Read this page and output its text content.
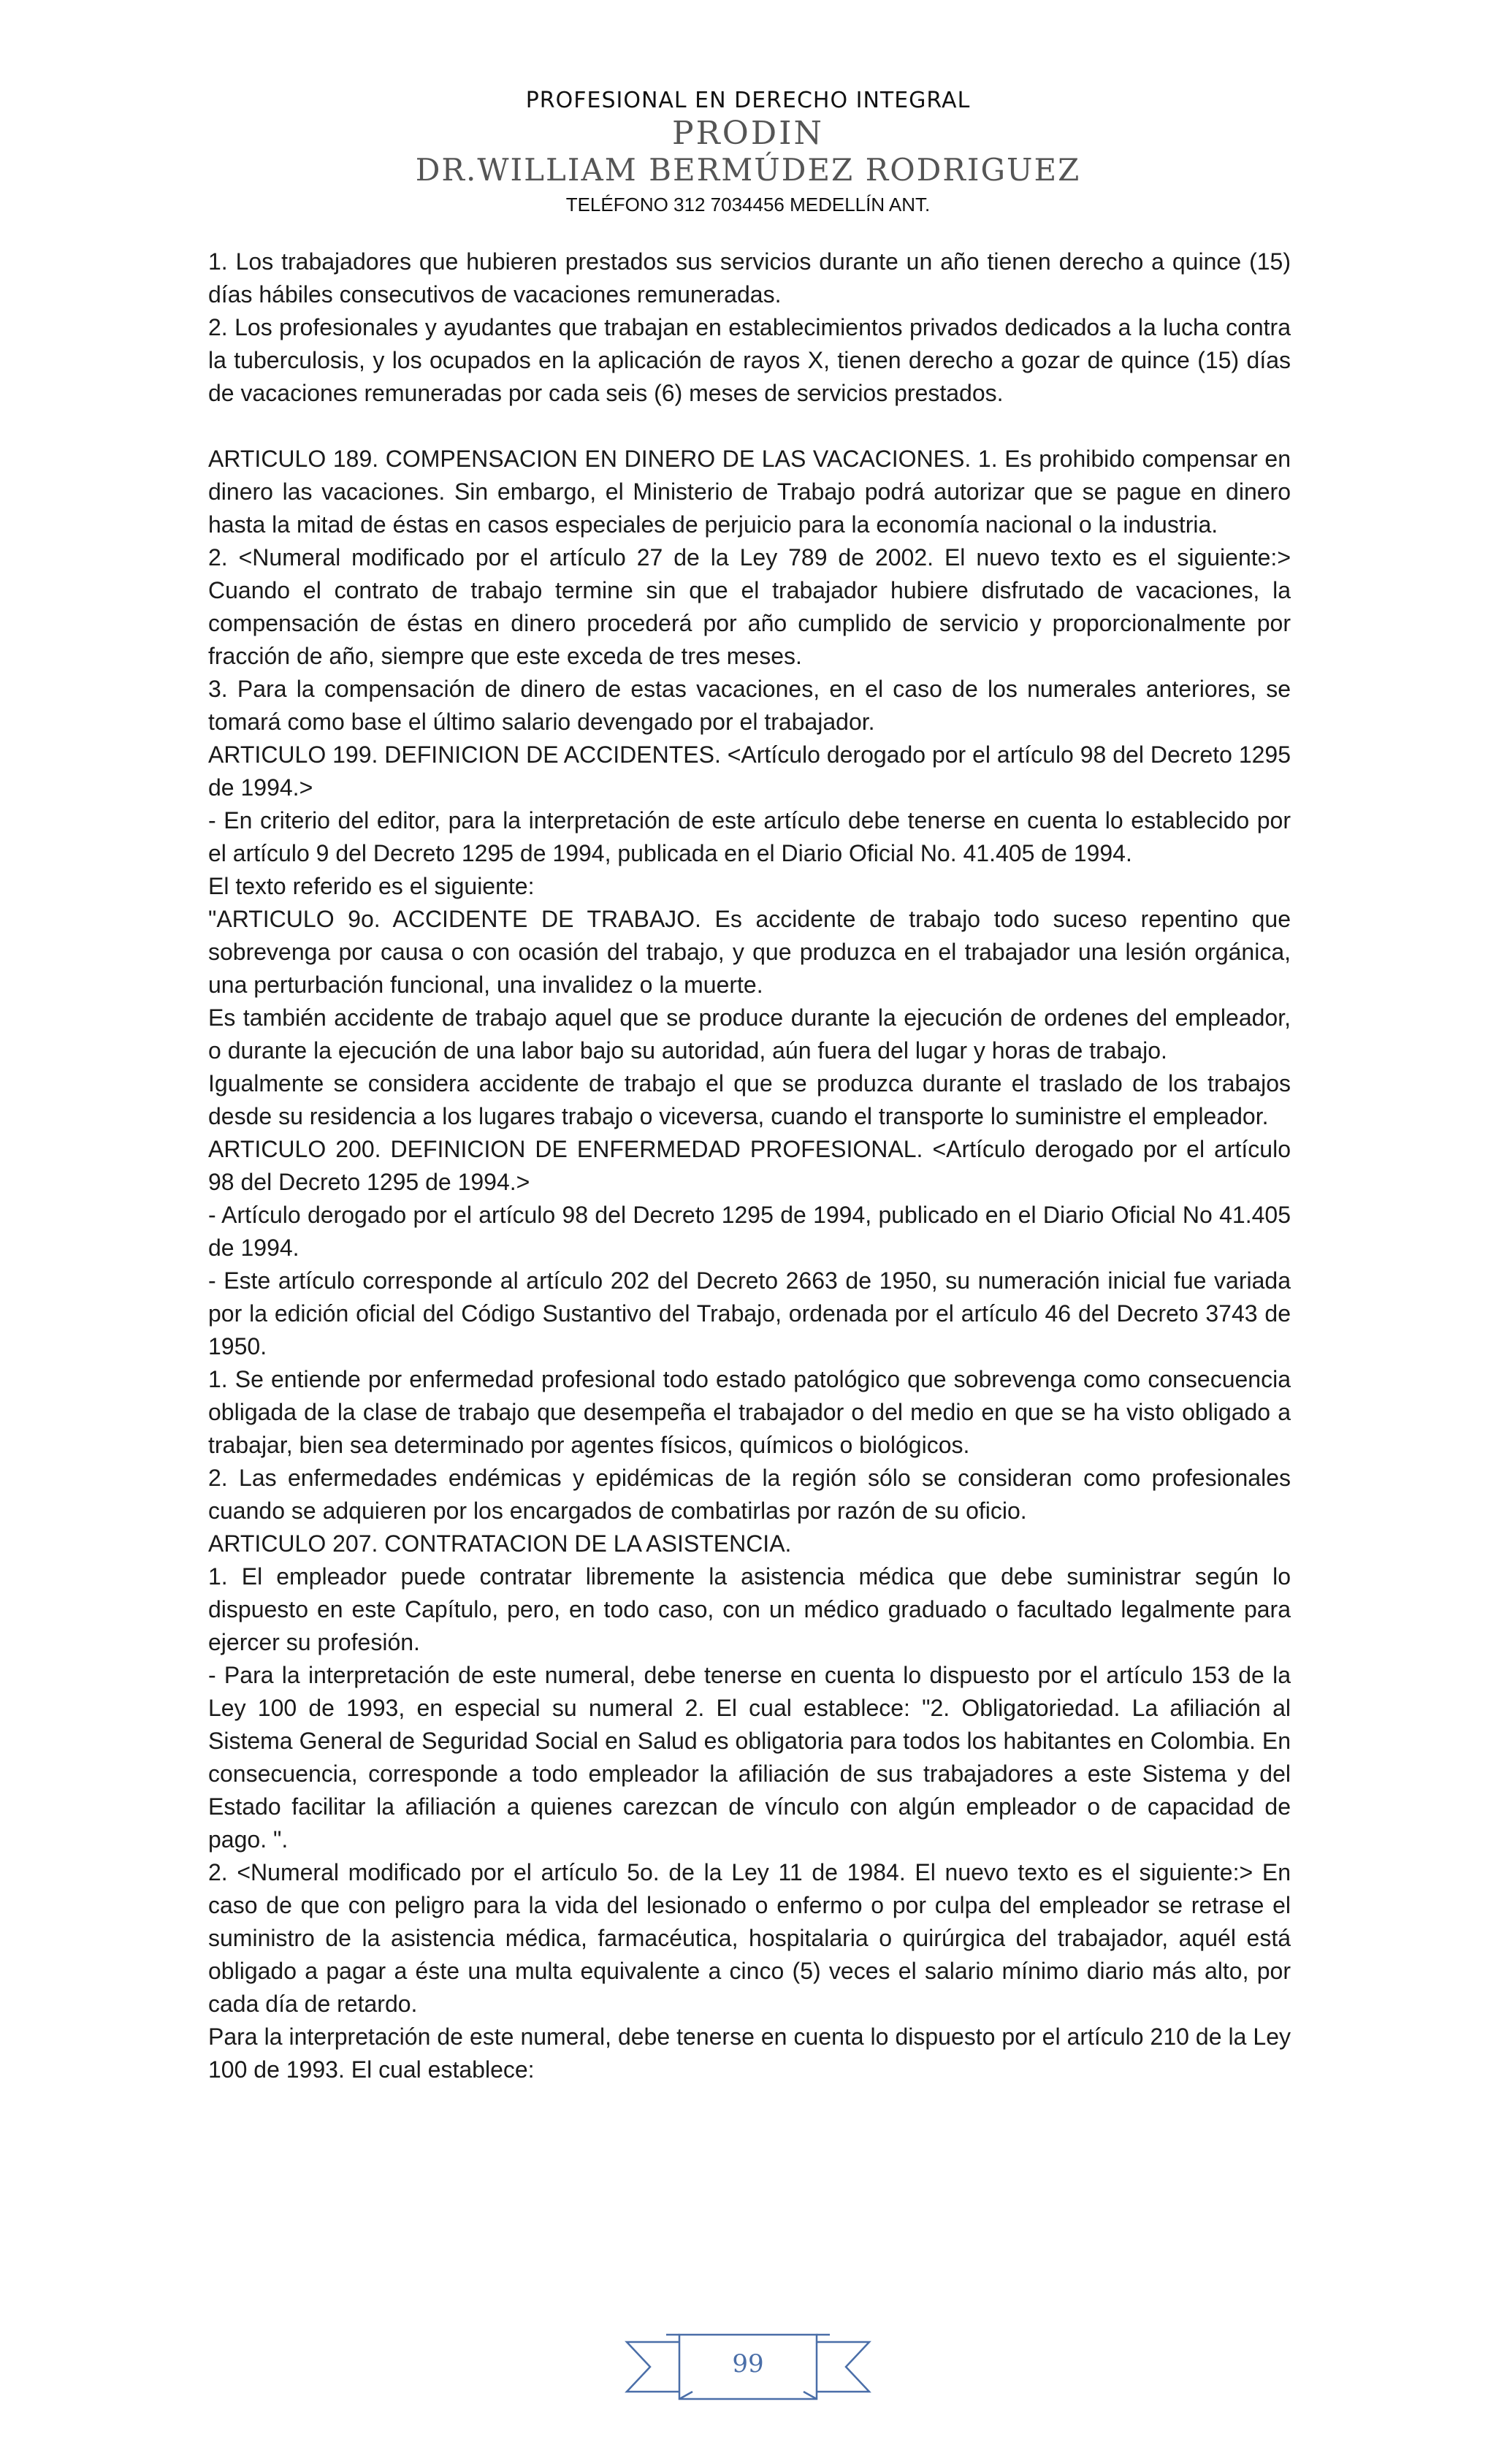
PROFESIONAL EN DERECHO INTEGRAL
PRODIN
DR.WILLIAM BERMÚDEZ RODRIGUEZ
TELÉFONO 312 7034456 MEDELLÍN ANT.

1. Los trabajadores que hubieren prestados sus servicios durante un año tienen derecho a quince (15) días hábiles consecutivos de vacaciones remuneradas.

2. Los profesionales y ayudantes que trabajan en establecimientos privados dedicados a la lucha contra la tuberculosis, y los ocupados en la aplicación de rayos X, tienen derecho a gozar de quince (15) días de vacaciones remuneradas por cada seis (6) meses de servicios prestados.

ARTICULO 189. COMPENSACION EN DINERO DE LAS VACACIONES. 1. Es prohibido compensar en dinero las vacaciones. Sin embargo, el Ministerio de Trabajo podrá autorizar que se pague en dinero hasta la mitad de éstas en casos especiales de perjuicio para la economía nacional o la industria.

2. <Numeral modificado por el artículo 27 de la Ley 789 de 2002. El nuevo texto es el siguiente:> Cuando el contrato de trabajo termine sin que el trabajador hubiere disfrutado de vacaciones, la compensación de éstas en dinero procederá por año cumplido de servicio y proporcionalmente por fracción de año, siempre que este exceda de tres meses.

3. Para la compensación de dinero de estas vacaciones, en el caso de los numerales anteriores, se tomará como base el último salario devengado por el trabajador.

ARTICULO 199. DEFINICION DE ACCIDENTES. <Artículo derogado por el artículo 98 del Decreto 1295 de 1994.>

- En criterio del editor, para la interpretación de este artículo debe tenerse en cuenta lo establecido por el artículo 9 del Decreto 1295 de 1994, publicada en el Diario Oficial No. 41.405 de 1994.

El texto referido es el siguiente:

"ARTICULO 9o. ACCIDENTE DE TRABAJO. Es accidente de trabajo todo suceso repentino que sobrevenga por causa o con ocasión del trabajo, y que produzca en el trabajador una lesión orgánica, una perturbación funcional, una invalidez o la muerte.

Es también accidente de trabajo aquel que se produce durante la ejecución de ordenes del empleador, o durante la ejecución de una labor bajo su autoridad, aún fuera del lugar y horas de trabajo.

Igualmente se considera accidente de trabajo el que se produzca durante el traslado de los trabajos desde su residencia a los lugares trabajo o viceversa, cuando el transporte lo suministre el empleador.

ARTICULO 200. DEFINICION DE ENFERMEDAD PROFESIONAL. <Artículo derogado por el artículo 98 del Decreto 1295 de 1994.>

- Artículo derogado por el artículo 98 del Decreto 1295 de 1994, publicado en el Diario Oficial No 41.405 de 1994.

- Este artículo corresponde al artículo 202 del Decreto 2663 de 1950, su numeración inicial fue variada por la edición oficial del Código Sustantivo del Trabajo, ordenada por el artículo 46 del Decreto 3743 de 1950.

1. Se entiende por enfermedad profesional todo estado patológico que sobrevenga como consecuencia obligada de la clase de trabajo que desempeña el trabajador o del medio en que se ha visto obligado a trabajar, bien sea determinado por agentes físicos, químicos o biológicos.

2. Las enfermedades endémicas y epidémicas de la región sólo se consideran como profesionales cuando se adquieren por los encargados de combatirlas por razón de su oficio.

ARTICULO 207. CONTRATACION DE LA ASISTENCIA.

1. El empleador puede contratar libremente la asistencia médica que debe suministrar según lo dispuesto en este Capítulo, pero, en todo caso, con un médico graduado o facultado legalmente para ejercer su profesión.

- Para la interpretación de este numeral, debe tenerse en cuenta lo dispuesto por el artículo 153 de la Ley 100 de 1993, en especial su numeral 2. El cual establece: "2. Obligatoriedad. La afiliación al Sistema General de Seguridad Social en Salud es obligatoria para todos los habitantes en Colombia. En consecuencia, corresponde a todo empleador la afiliación de sus trabajadores a este Sistema y del Estado facilitar la afiliación a quienes carezcan de vínculo con algún empleador o de capacidad de pago. ".

2. <Numeral modificado por el artículo 5o. de la Ley 11 de 1984. El nuevo texto es el siguiente:> En caso de que con peligro para la vida del lesionado o enfermo o por culpa del empleador se retrase el suministro de la asistencia médica, farmacéutica, hospitalaria o quirúrgica del trabajador, aquél está obligado a pagar a éste una multa equivalente a cinco (5) veces el salario mínimo diario más alto, por cada día de retardo.

Para la interpretación de este numeral, debe tenerse en cuenta lo dispuesto por el artículo 210 de la Ley 100 de 1993. El cual establece:

99
